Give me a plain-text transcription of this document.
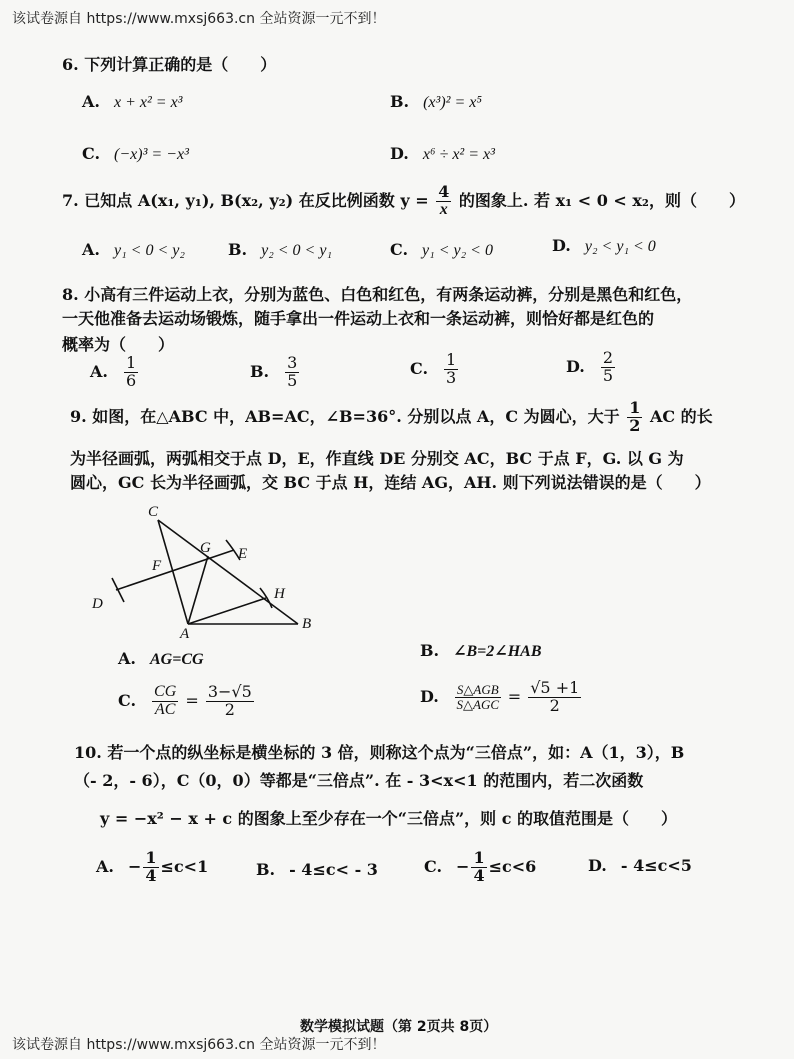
该试卷源自 https://www.mxsj663.cn 全站资源一元不到！
6. 下列计算正确的是（　　）
A. x + x² = x³	B. (x³)² = x⁵
C. (−x)³ = −x³	D. x⁶ ÷ x² = x³
7. 已知点 A(x₁, y₁), B(x₂, y₂) 在反比例函数 $y = \frac{4}{x}$ 的图象上. 若 x₁ < 0 < x₂，则（　　）
A. y₁ < 0 < y₂	B. y₂ < 0 < y₁	C. y₁ < y₂ < 0	D. y₂ < y₁ < 0
8. 小高有三件运动上衣，分别为蓝色、白色和红色，有两条运动裤，分别是黑色和红色，
一天他准备去运动场锻炼，随手拿出一件运动上衣和一条运动裤，则恰好都是红色的
概率为（　　）
A. $\frac{1}{6}$	B. $\frac{3}{5}$	C. $\frac{1}{3}$	D. $\frac{2}{5}$
9. 如图，在△ABC 中，AB=AC，∠B=36°. 分别以点 A，C 为圆心，大于 $\frac{1}{2}$ AC 的长
为半径画弧，两弧相交于点 D，E，作直线 DE 分别交 AC，BC 于点 F，G. 以 G 为
圆心，GC 长为半径画弧，交 BC 于点 H，连结 AG，AH. 则下列说法错误的是（　　）
C
G E
F
D
H
A
B
A. AG=CG	B. ∠B=2∠HAB
C. $\frac{CG}{AC} = \frac{3-√5}{2}$	D. $\frac{\text{S△AGB}}{\text{S△AGC}} = \frac{√5 +1}{2}$
10. 若一个点的纵坐标是横坐标的 3 倍，则称这个点为“三倍点”，如：A（1，3），B
（- 2，- 6），C（0，0）等都是“三倍点”. 在 - 3<x<1 的范围内，若二次函数
y = −x² − x + c 的图象上至少存在一个“三倍点”，则 c 的取值范围是（　　）
A. − $\frac{1}{4} \le c<1$	B. - 4≤c< - 3	C. − $\frac{1}{4} \le c<6$	D. - 4≤c<5
数学模拟试题（第 2页共 8页）
该试卷源自 https://www.mxsj663.cn 全站资源一元不到！
